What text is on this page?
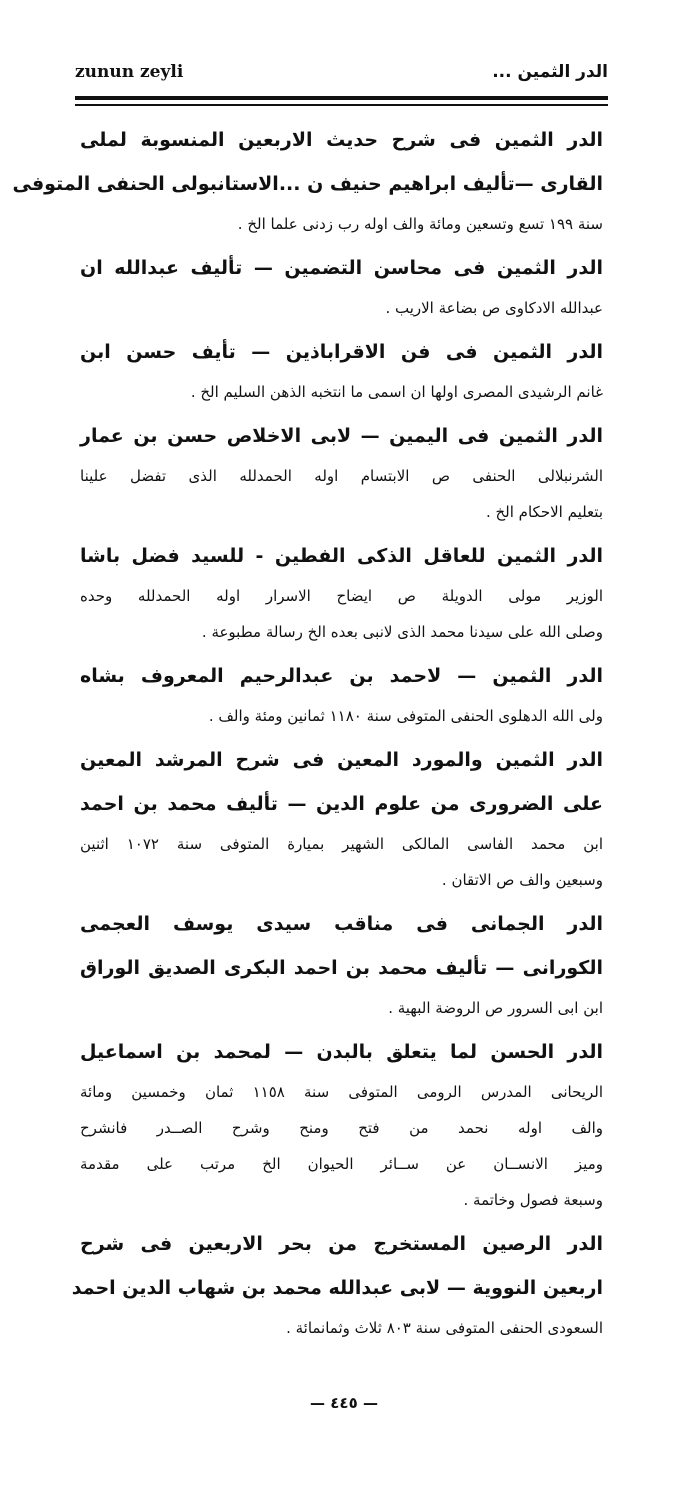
zunun zeyli	الدر الثمين ...
الدر الثمين فى شرح حديث الاربعين المنسوبة لملى
القارى —تأليف ابراهيم حنيف ن ...الاستانبولى الحنفى المتوفى
سنة ١٩٩ تسع وتسعين ومائة والف اوله رب زدنى علما الخ .
الدر الثمين فى محاسن التضمين — تأليف عبدالله ان
عبدالله الادكاوى ص بضاعة الاريب .
الدر الثمين فى فن الاقراباذين — تأيف حسن ابن
غانم الرشيدى المصرى اولها ان اسمى ما انتخبه الذهن السليم الخ .
الدر الثمين فى اليمين — لابى الاخلاص حسن بن عمار
الشرنبلالى الحنفى ص الابتسام اوله الحمدلله الذى تفضل علينا
بتعليم الاحكام الخ .
الدر الثمين للعاقل الذكى الفطين - للسيد فضل باشا
الوزير مولى الدويلة ص ايضاح الاسرار اوله الحمدلله وحده
وصلى الله على سيدنا محمد الذى لانبى بعده الخ رسالة مطبوعة .
الدر الثمين — لاحمد بن عبدالرحيم المعروف بشاه
ولى الله الدهلوى الحنفى المتوفى سنة ١١٨٠ ثمانين ومئة والف .
الدر الثمين والمورد المعين فى شرح المرشد المعين
على الضرورى من علوم الدين — تأليف محمد بن احمد
ابن محمد الفاسى المالكى الشهير بميارة المتوفى سنة ١٠٧٢ اثنين
وسبعين والف ص الاتقان .
الدر الجمانى فى مناقب سيدى يوسف العجمى
الكورانى — تأليف محمد بن احمد البكرى الصديق الوراق
ابن ابى السرور ص الروضة البهية .
الدر الحسن لما يتعلق بالبدن — لمحمد بن اسماعيل
الريحانى المدرس الرومى المتوفى سنة ١١٥٨ ثمان وخمسين ومائة
والف اوله نحمد من فتح ومنح وشرح الصــدر فانشرح
وميز الانســان عن ســائر الحيوان الخ مرتب على مقدمة
وسبعة فصول وخاتمة .
الدر الرصين المستخرج من بحر الاربعين فى شرح
اربعين النووية — لابى عبدالله محمد بن شهاب الدين احمد
السعودى الحنفى المتوفى سنة ٨٠٣ ثلاث وثمانمائة .
— ٤٤٥ —
